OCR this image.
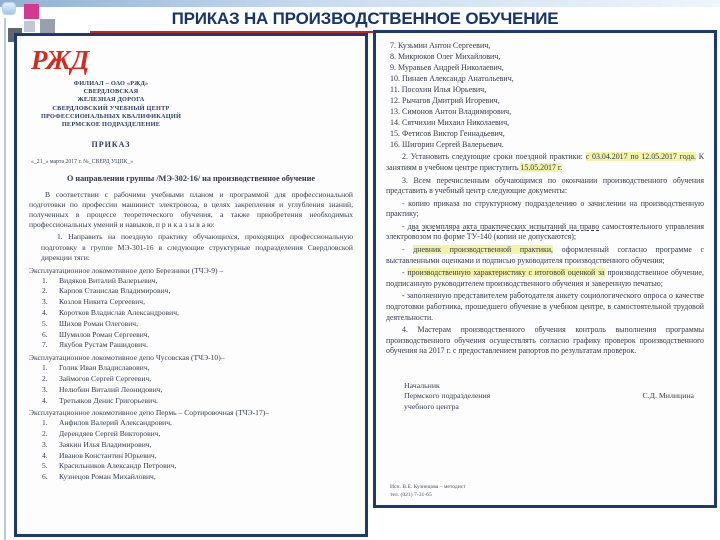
ПРИКАЗ НА ПРОИЗВОДСТВЕННОЕ ОБУЧЕНИЕ
РЖД
ФИЛИАЛ – ОАО «РЖД»
СВЕРДЛОВСКАЯ
ЖЕЛЕЗНАЯ ДОРОГА
СВЕРДЛОВСКИЙ УЧЕБНЫЙ ЦЕНТР
ПРОФЕССИОНАЛЬНЫХ КВАЛИФИКАЦИЙ
ПЕРМСКОЕ ПОДРАЗДЕЛЕНИЕ
ПРИКАЗ
«_21_» марта 2017 г. №_СВЕРД УЦПК_»
О направлении группы /МЭ-302-16/ на производственное обучение

В соответствии с рабочими учебными планом и программой для профессиональной подготовки по профессии машинист электровоза, в целях закрепления и углубления знаний, полученных в процессе теоретического обучения, а также приобретения необходимых профессиональных умений и навыков, п р и к а з ы в а ю:

1. Направить на поездную практику обучающихся, проходящих профессиональную подготовку в группе МЭ-301-16 в следующие структурные подразделения Свердловской дирекции тяги:

Эксплуатационное локомотивное депо Березники (ТЧЭ-9) –
1.	Видяков Виталий Валерьевич,
2.	Карпов Станислав Владимирович,
3.	Козлов Никита Сергеевич,
4.	Коротков Владислав Александрович,
5.	Шихов Роман Олегович,
6.	Шумилов Роман Сергеевич,
7.	Якубов Рустам Рашидович.
Эксплуатационное локомотивное депо Чусовская (ТЧЭ-10)–
1.	Голик Иван Владиславович,
2.	Займогов Сергей Сергеевич,
3.	Нелюбин Виталий Леонидович,
4.	Третьяков Денис Григорьевич.
Эксплуатационное локомотивное депо Пермь – Сортировочная (ТЧЭ-17)–
1.	Анфилов Валерий Александрович,
2.	Дерендяев Сергей Викторович,
3.	Заякин Илья Владимирович,
4.	Иванов Константин Юрьевич,
5.	Красильников Александр Петрович,
6.	Кузнецов Роман Михайлович,
7. Кузьмин Антон Сергеевич,
8. Микрюков Олег Михайлович,
9. Муравьев Андрей Николаевич,
10. Пинаев Александр Анатольевич,
11. Посохин Илья Юрьевич,
12. Рычагов Дмитрий Игоревич,
13. Симонов Антон Владимирович,
14. Сятчихин Михаил Николаевич,
15. Фетисов Виктор Геннадьевич,
16. Шигорин Сергей Валерьевич.

2. Установить следующие сроки поездной практики: с 03.04.2017 по 12.05.2017 года. К занятиям в учебном центре приступить 15.05.2017 г.

3. Всем перечисленным обучающимся по окончании производственного обучения представить в учебный центр следующие документы:

- копию приказа по структурному подразделению о зачислении на производственную практику;

- два экземпляра акта практических испытаний на право самостоятельного управления электровозом по форме ТУ-140 (копии не допускаются);

- дневник производственной практики, оформленный согласно программе с выставленными оценками и подписью руководителя производственного обучения;

- производственную характеристику с итоговой оценкой за производственное обучение, подписанную руководителем производственного обучения и заверенную печатью;

- заполненную представителем работодателя анкету социологического опроса о качестве подготовки работника, прошедшего обучение в учебном центре, в самостоятельной трудовой деятельности.

4. Мастерам производственного обучения контроль выполнения программы производственного обучения осуществлять согласно графику проверок производственного обучения на 2017 г. с предоставлением рапортов по результатам проверок.

Начальник
Пермского подразделения
учебного центра
С.Д. Милицина
Исп. В.Е. Кузнецова – методист
тел. (021) 7-31-65
